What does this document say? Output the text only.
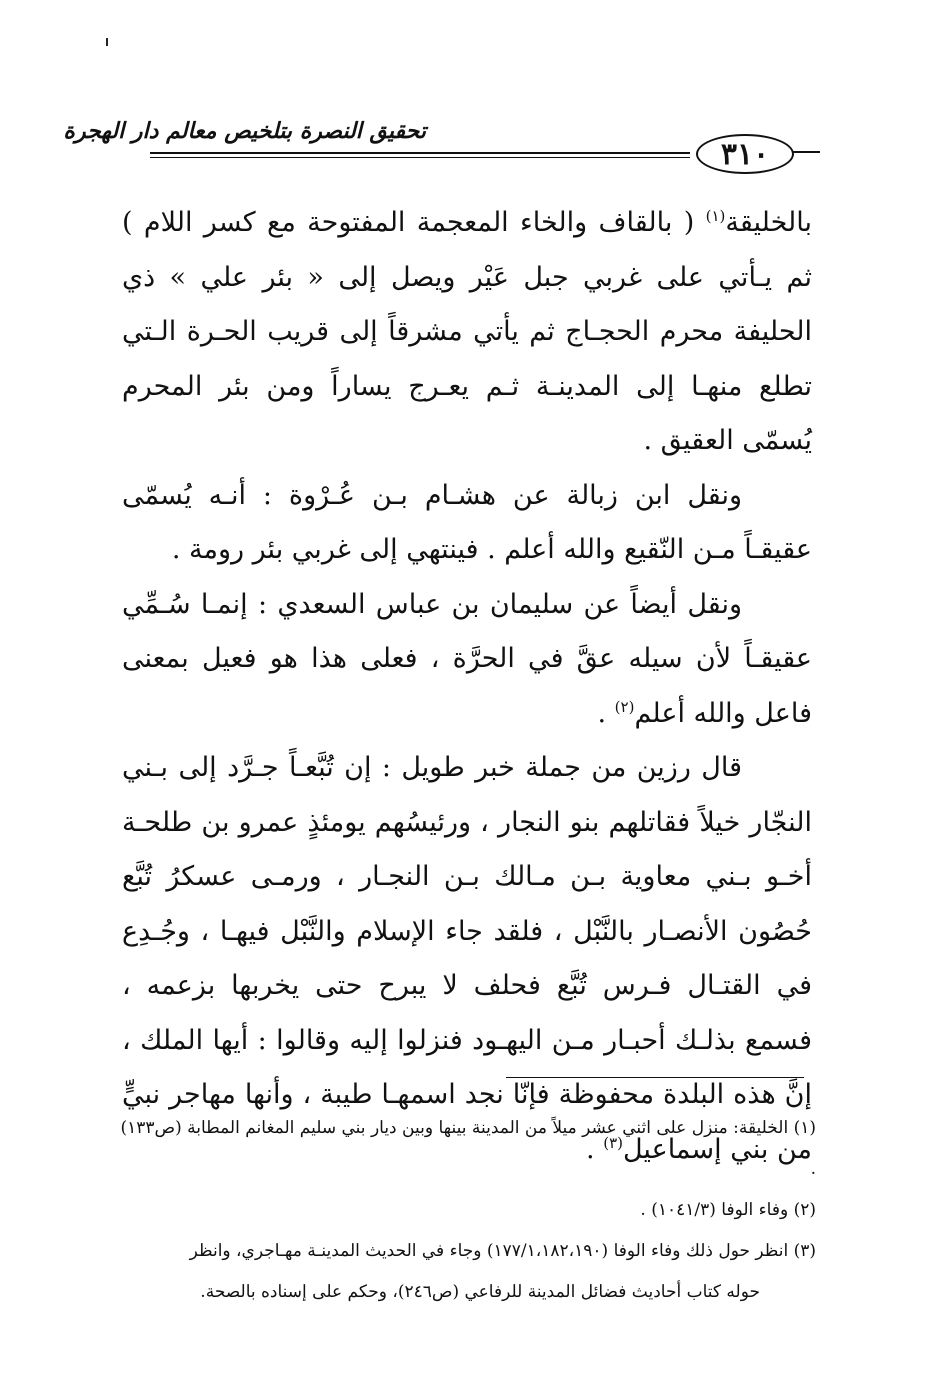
تحقيق النصرة بتلخيص معالم دار الهجرة
٣١٠

بالخليقة$^{(١)}$ ( بالقاف والخاء المعجمة المفتوحة مع كسر اللام ) ثم يـأتي على غربي جبل عَيْر ويصل إلى « بئر علي » ذي الحليفة محرم الحجـاج ثم يأتي مشرقاً إلى قريب الحـرة الـتي تطلع منهـا إلى المدينـة ثـم يعـرج يساراً ومن بئر المحرم يُسمّى العقيق .

ونقل ابن زبالة عن هشـام بـن عُـرْوة : أنـه يُسمّى عقيقـاً مـن النّقيع والله أعلم . فينتهي إلى غربي بئر رومة .

ونقل أيضاً عن سليمان بن عباس السعدي : إنمـا سُـمِّي عقيقـاً لأن سيله عقَّ في الحرَّة ، فعلى هذا هو فعيل بمعنى فاعل والله أعلم$^{(٢)}$ .

قال رزين من جملة خبر طويل : إن تُبَّعـاً جـرَّد إلى بـني النجّار خيلاً فقاتلهم بنو النجار ، ورئيسُهم يومئذٍ عمرو بن طلحـة أخـو بـني معاوية بـن مـالك بـن النجـار ، ورمـى عسكرُ تُبَّع حُصُون الأنصـار بالنَّبْل ، فلقد جاء الإسلام والنَّبْل فيهـا ، وجُـدِع في القتـال فـرس تُبَّع فحلف لا يبرح حتى يخربها بزعمه ، فسمع بذلـك أحبـار مـن اليهـود فنزلوا إليه وقالوا : أيها الملك ، إنَّ هذه البلدة محفوظة فإنّا نجد اسمهـا طيبة ، وأنها مهاجر نبيٍّ من بني إسماعيل$^{(٣)}$ .

(١) الخليقة: منزل على اثني عشر ميلاً من المدينة بينها وبين ديار بني سليم المغانم المطابة (ص١٣٣) .

(٢) وفاء الوفا (١٠٤١/٣) .

(٣) انظر حول ذلك وفاء الوفا (١٧٧/١،١٨٢،١٩٠) وجاء في الحديث المدينـة مهـاجري، وانظر

حوله كتاب أحاديث فضائل المدينة للرفاعي (ص٢٤٦)، وحكم على إسناده بالصحة.
